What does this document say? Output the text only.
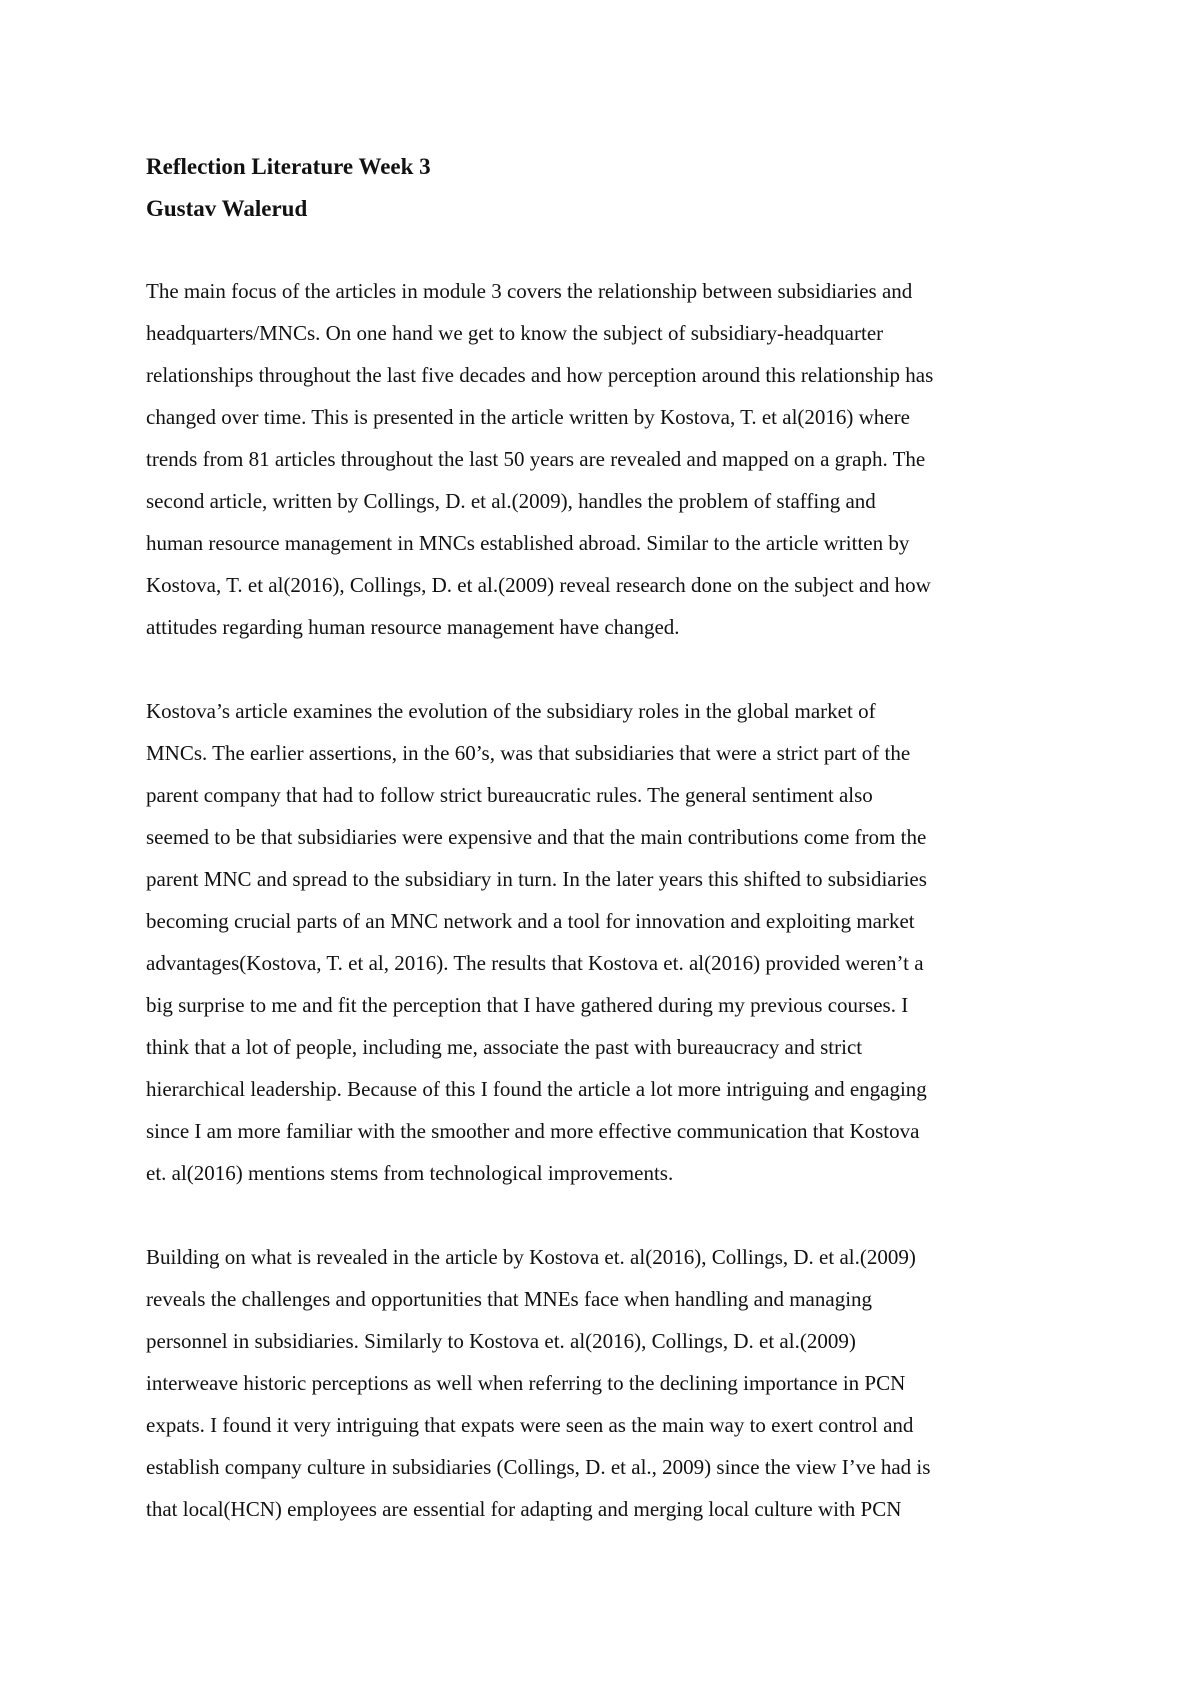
Reflection Literature Week 3
Gustav Walerud

The main focus of the articles in module 3 covers the relationship between subsidiaries and
headquarters/MNCs. On one hand we get to know the subject of subsidiary-headquarter
relationships throughout the last five decades and how perception around this relationship has
changed over time. This is presented in the article written by Kostova, T. et al(2016) where
trends from 81 articles throughout the last 50 years are revealed and mapped on a graph. The
second article, written by Collings, D. et al.(2009), handles the problem of staffing and
human resource management in MNCs established abroad. Similar to the article written by
Kostova, T. et al(2016), Collings, D. et al.(2009) reveal research done on the subject and how
attitudes regarding human resource management have changed.

Kostova’s article examines the evolution of the subsidiary roles in the global market of
MNCs. The earlier assertions, in the 60’s, was that subsidiaries that were a strict part of the
parent company that had to follow strict bureaucratic rules. The general sentiment also
seemed to be that subsidiaries were expensive and that the main contributions come from the
parent MNC and spread to the subsidiary in turn. In the later years this shifted to subsidiaries
becoming crucial parts of an MNC network and a tool for innovation and exploiting market
advantages(Kostova, T. et al, 2016). The results that Kostova et. al(2016) provided weren’t a
big surprise to me and fit the perception that I have gathered during my previous courses. I
think that a lot of people, including me, associate the past with bureaucracy and strict
hierarchical leadership. Because of this I found the article a lot more intriguing and engaging
since I am more familiar with the smoother and more effective communication that Kostova
et. al(2016) mentions stems from technological improvements.

Building on what is revealed in the article by Kostova et. al(2016), Collings, D. et al.(2009)
reveals the challenges and opportunities that MNEs face when handling and managing
personnel in subsidiaries. Similarly to Kostova et. al(2016), Collings, D. et al.(2009)
interweave historic perceptions as well when referring to the declining importance in PCN
expats. I found it very intriguing that expats were seen as the main way to exert control and
establish company culture in subsidiaries (Collings, D. et al., 2009) since the view I’ve had is
that local(HCN) employees are essential for adapting and merging local culture with PCN
